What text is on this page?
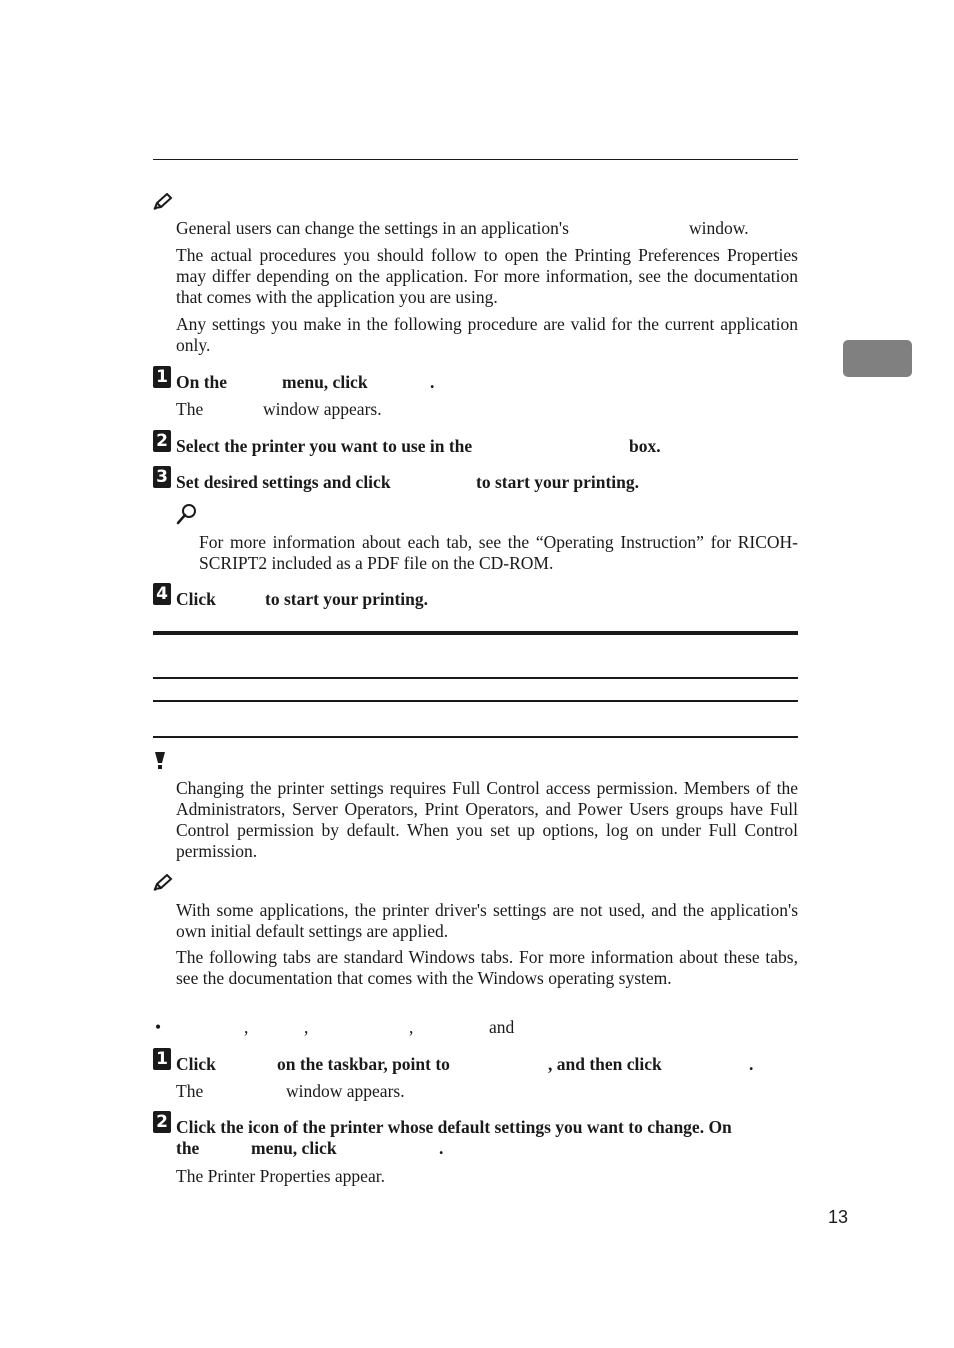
General users can change the settings in an application's	window.

The actual procedures you should follow to open the Printing Preferences Properties may differ depending on the application. For more information, see the documentation that comes with the application you are using.

Any settings you make in the following procedure are valid for the current application only.

1 On the	menu, click	.
The	window appears.
2 Select the printer you want to use in the	box.
3 Set desired settings and click	to start your printing.

For more information about each tab, see the “Operating Instruction” for RICOH-SCRIPT2 included as a PDF file on the CD-ROM.

4 Click	to start your printing.

Changing the printer settings requires Full Control access permission. Members of the Administrators, Server Operators, Print Operators, and Power Users groups have Full Control permission by default. When you set up options, log on under Full Control permission.

With some applications, the printer driver's settings are not used, and the application's own initial default settings are applied.

The following tabs are standard Windows tabs. For more information about these tabs, see the documentation that comes with the Windows operating system.

•	,	,	,	and
1 Click	on the taskbar, point to	, and then click	.
The	window appears.
2 Click the icon of the printer whose default settings you want to change. On
the	menu, click	.
The Printer Properties appear.
13
